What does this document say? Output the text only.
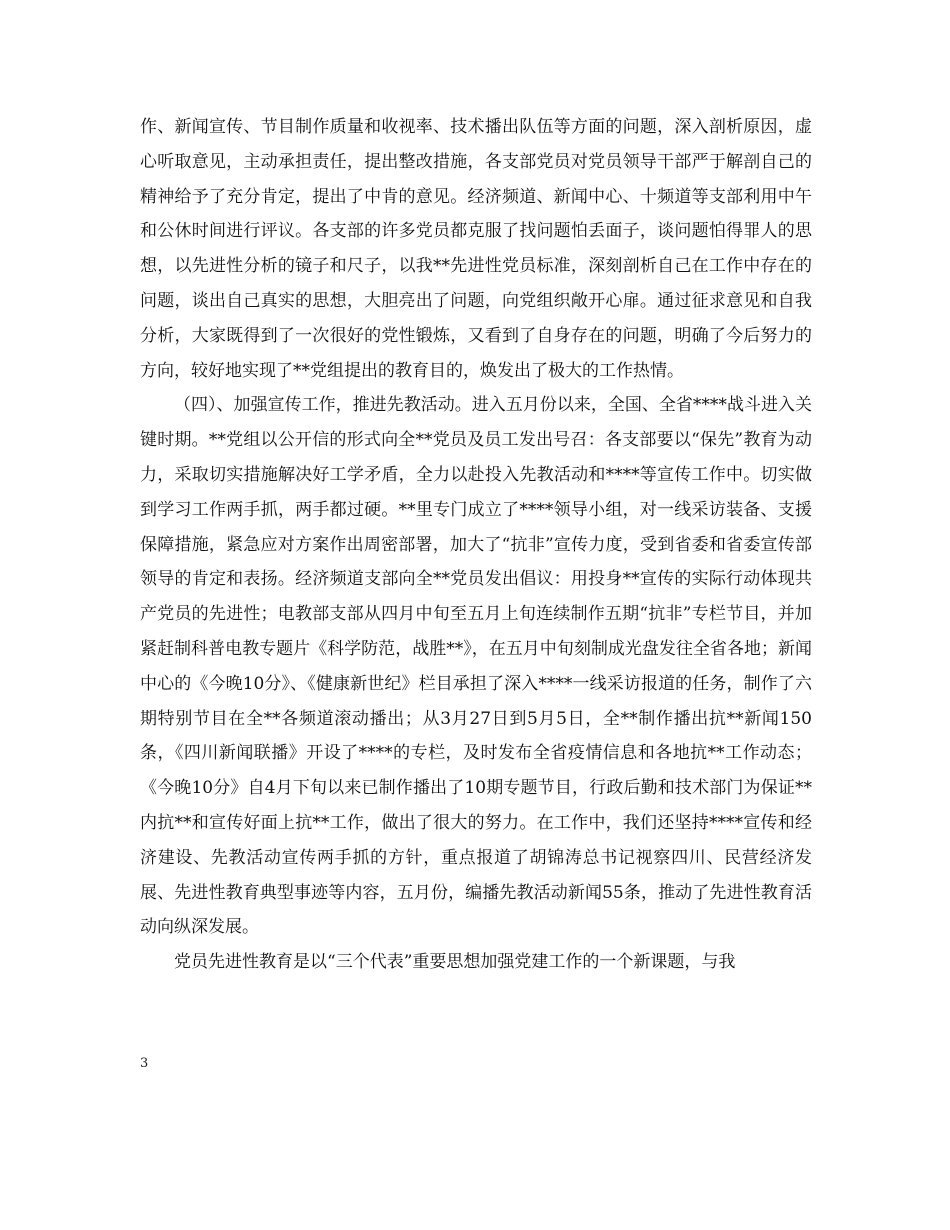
作、新闻宣传、节目制作质量和收视率、技术播出队伍等方面的问题，深入剖析原因，虚心听取意见，主动承担责任，提出整改措施，各支部党员对党员领导干部严于解剖自己的精神给予了充分肯定，提出了中肯的意见。经济频道、新闻中心、十频道等支部利用中午和公休时间进行评议。各支部的许多党员都克服了找问题怕丢面子，谈问题怕得罪人的思想，以先进性分析的镜子和尺子，以我**先进性党员标准，深刻剖析自己在工作中存在的问题，谈出自己真实的思想，大胆亮出了问题，向党组织敞开心扉。通过征求意见和自我分析，大家既得到了一次很好的党性锻炼，又看到了自身存在的问题，明确了今后努力的方向，较好地实现了**党组提出的教育目的，焕发出了极大的工作热情。

（四）、加强宣传工作，推进先教活动。进入五月份以来，全国、全省****战斗进入关键时期。**党组以公开信的形式向全**党员及员工发出号召：各支部要以“保先”教育为动力，采取切实措施解决好工学矛盾，全力以赴投入先教活动和****等宣传工作中。切实做到学习工作两手抓，两手都过硬。**里专门成立了****领导小组，对一线采访装备、支援保障措施，紧急应对方案作出周密部署，加大了“抗非”宣传力度，受到省委和省委宣传部领导的肯定和表扬。经济频道支部向全**党员发出倡议：用投身**宣传的实际行动体现共产党员的先进性；电教部支部从四月中旬至五月上旬连续制作五期“抗非”专栏节目，并加紧赶制科普电教专题片《科学防范，战胜**》，在五月中旬刻制成光盘发往全省各地；新闻中心的《今晚10分》、《健康新世纪》栏目承担了深入****一线采访报道的任务，制作了六期特别节目在全**各频道滚动播出；从3月27日到5月5日，全**制作播出抗**新闻150条，《四川新闻联播》开设了****的专栏，及时发布全省疫情信息和各地抗**工作动态；《今晚10分》自4月下旬以来已制作播出了10期专题节目，行政后勤和技术部门为保证**内抗**和宣传好面上抗**工作，做出了很大的努力。在工作中，我们还坚持****宣传和经济建设、先教活动宣传两手抓的方针，重点报道了胡锦涛总书记视察四川、民营经济发展、先进性教育典型事迹等内容，五月份，编播先教活动新闻55条，推动了先进性教育活动向纵深发展。

党员先进性教育是以“三个代表”重要思想加强党建工作的一个新课题，与我

3
